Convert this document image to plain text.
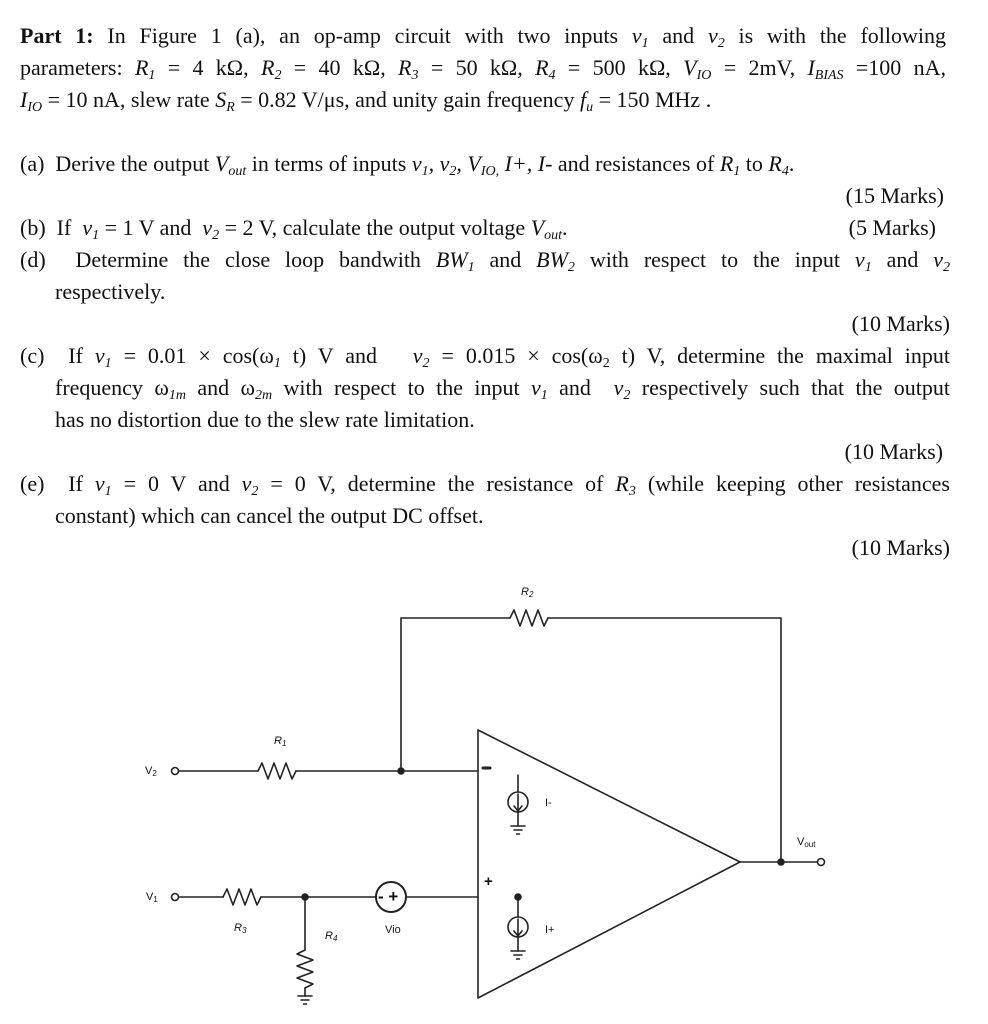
Part 1: In Figure 1 (a), an op-amp circuit with two inputs $v_1$ and $v_2$ is with the following
parameters: $R_1 = 4$ kΩ, $R_2 = 40$ kΩ, $R_3 = 50$ kΩ, $R_4 = 500$ kΩ, $V_{IO} = 2mV$, $I_{BIAS} =100$ nA,
$I_{IO} = 10$ nA, slew rate $S_R = 0.82$ V/μs, and unity gain frequency $f_u = 150$ MHz .
(a)  Derive the output $V_{out}$ in terms of inputs $v_1$, $v_2$, $V_{IO,}$ I+, I- and resistances of $R_1$ to $R_4$.
(15 Marks)
(b)  If  $v_1 = 1$ V and  $v_2 = 2$ V, calculate the output voltage $V_{out}$.	(5 Marks)
(d)  Determine the close loop bandwith $BW_1$ and $BW_2$ with respect to the input $v_1$ and $v_2$
respectively.
(10 Marks)
(c)  If $v_1 = 0.01 \times \cos(\omega_1$ t) V and   $v_2 = 0.015 \times \cos(\omega_2$ t) V, determine the maximal input
frequency $\omega_{1m}$ and $\omega_{2m}$ with respect to the input $v_1$ and  $v_2$ respectively such that the output
has no distortion due to the slew rate limitation.
(10 Marks)
(e)  If $v_1 = 0$ V and $v_2 = 0$ V, determine the resistance of $R_3$ (while keeping other resistances
constant) which can cancel the output DC offset.
(10 Marks)
$R_2$
$R_1$
$V_2$
$V_1$
$R_3$	$R_4$
Vio
- +
+
I-
I+
$V_{out}$
